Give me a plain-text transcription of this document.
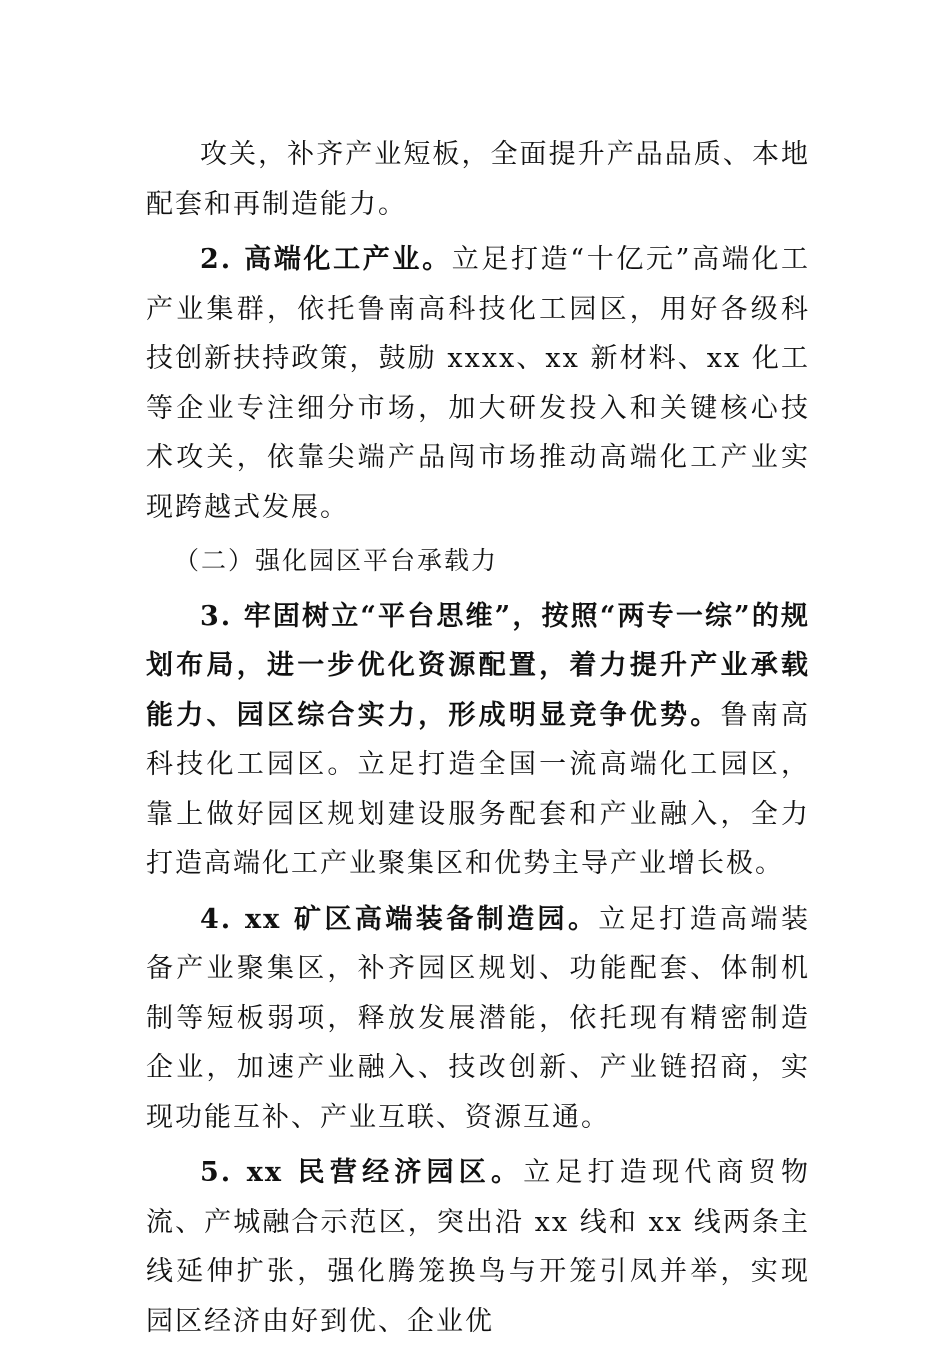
攻关，补齐产业短板，全面提升产品品质、本地配套和再制造能力。

2. 高端化工产业。立足打造“十亿元”高端化工产业集群，依托鲁南高科技化工园区，用好各级科技创新扶持政策，鼓励 xxxx、xx 新材料、xx 化工等企业专注细分市场，加大研发投入和关键核心技术攻关，依靠尖端产品闯市场推动高端化工产业实现跨越式发展。

（二）强化园区平台承载力

3. 牢固树立“平台思维”，按照“两专一综”的规划布局，进一步优化资源配置，着力提升产业承载能力、园区综合实力，形成明显竞争优势。鲁南高科技化工园区。立足打造全国一流高端化工园区，靠上做好园区规划建设服务配套和产业融入，全力打造高端化工产业聚集区和优势主导产业增长极。

4. xx 矿区高端装备制造园。立足打造高端装备产业聚集区，补齐园区规划、功能配套、体制机制等短板弱项，释放发展潜能，依托现有精密制造企业，加速产业融入、技改创新、产业链招商，实现功能互补、产业互联、资源互通。

5. xx 民营经济园区。立足打造现代商贸物流、产城融合示范区，突出沿 xx 线和 xx 线两条主线延伸扩张，强化腾笼换鸟与开笼引凤并举，实现园区经济由好到优、企业优
